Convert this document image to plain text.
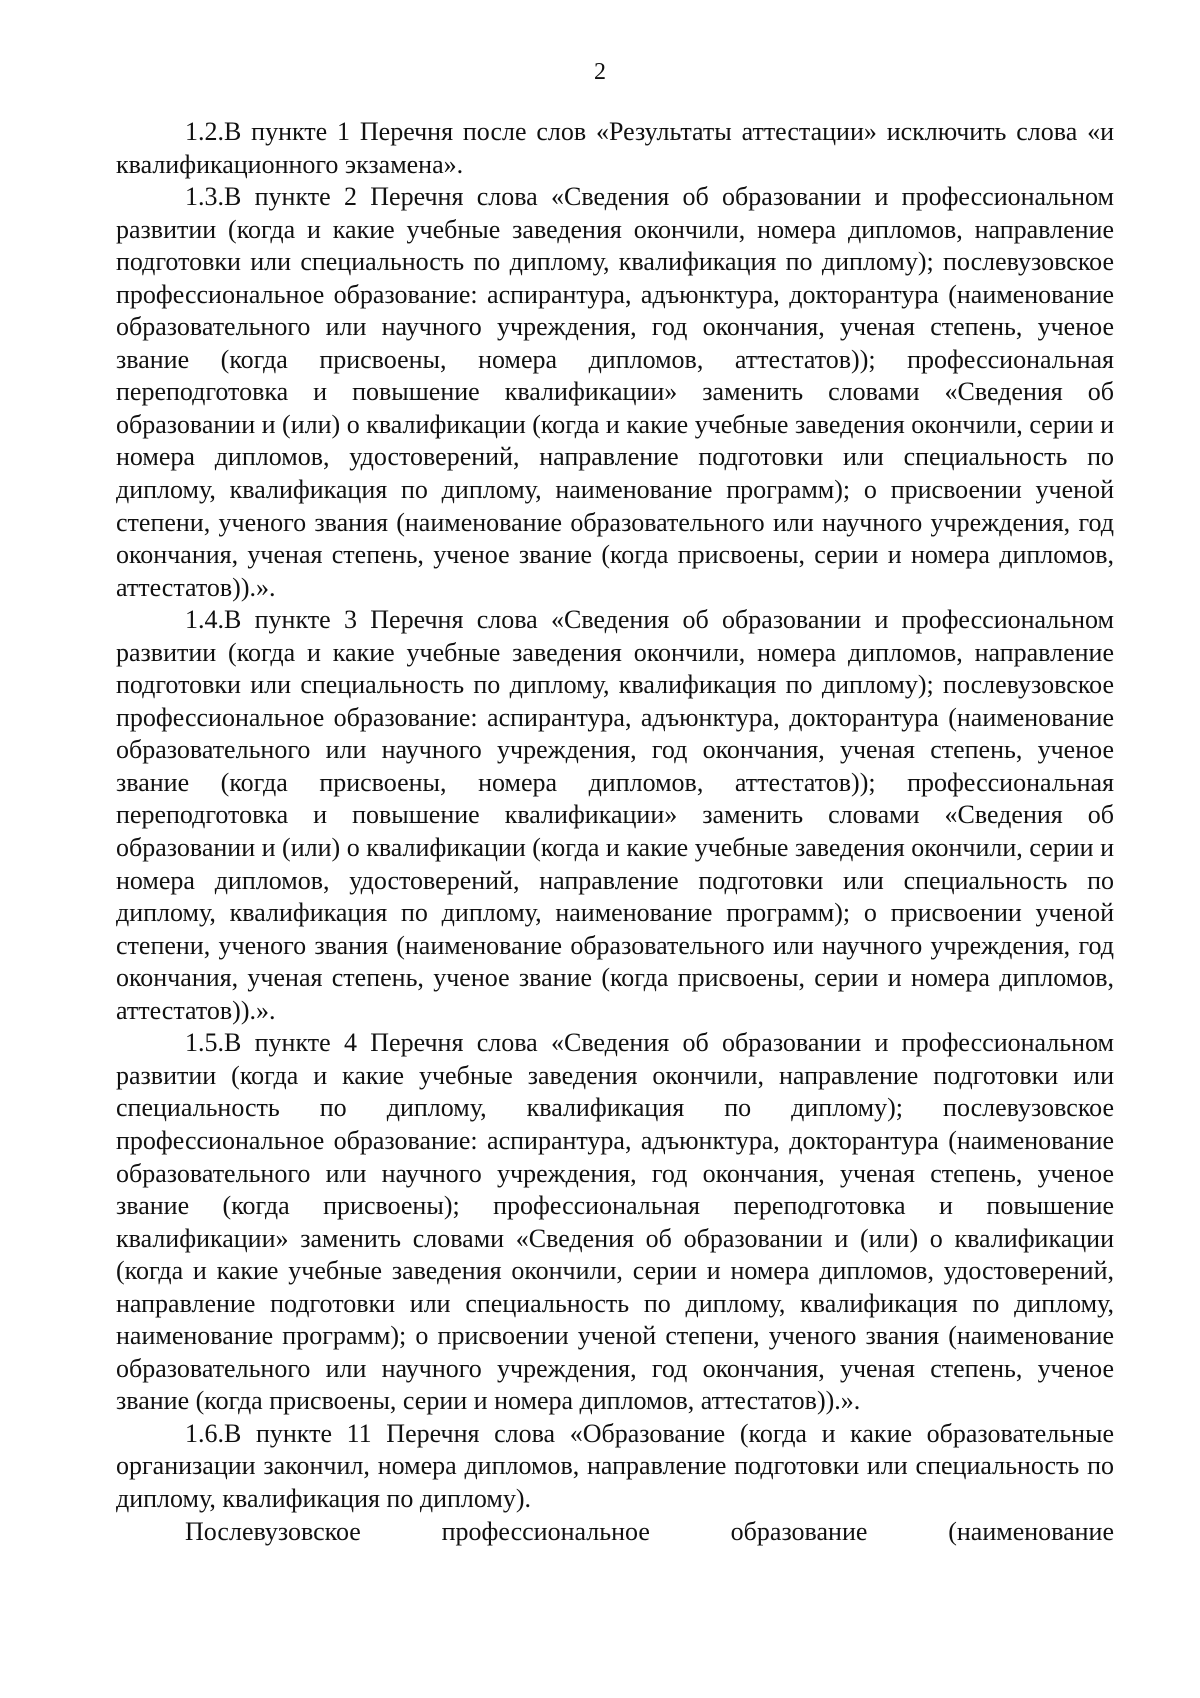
2

1.2.В пункте 1 Перечня после слов «Результаты аттестации» исключить слова «и квалификационного экзамена».

1.3.В пункте 2 Перечня слова «Сведения об образовании и профессиональном развитии (когда и какие учебные заведения окончили, номера дипломов, направление подготовки или специальность по диплому, квалификация по диплому); послевузовское профессиональное образование: аспирантура, адъюнктура, докторантура (наименование образовательного или научного учреждения, год окончания, ученая степень, ученое звание (когда присвоены, номера дипломов, аттестатов)); профессиональная переподготовка и повышение квалификации» заменить словами «Сведения об образовании и (или) о квалификации (когда и какие учебные заведения окончили, серии и номера дипломов, удостоверений, направление подготовки или специальность по диплому, квалификация по диплому, наименование программ); о присвоении ученой степени, ученого звания (наименование образовательного или научного учреждения, год окончания, ученая степень, ученое звание (когда присвоены, серии и номера дипломов, аттестатов)).».

1.4.В пункте 3 Перечня слова «Сведения об образовании и профессиональном развитии (когда и какие учебные заведения окончили, номера дипломов, направление подготовки или специальность по диплому, квалификация по диплому); послевузовское профессиональное образование: аспирантура, адъюнктура, докторантура (наименование образовательного или научного учреждения, год окончания, ученая степень, ученое звание (когда присвоены, номера дипломов, аттестатов)); профессиональная переподготовка и повышение квалификации» заменить словами «Сведения об образовании и (или) о квалификации (когда и какие учебные заведения окончили, серии и номера дипломов, удостоверений, направление подготовки или специальность по диплому, квалификация по диплому, наименование программ); о присвоении ученой степени, ученого звания (наименование образовательного или научного учреждения, год окончания, ученая степень, ученое звание (когда присвоены, серии и номера дипломов, аттестатов)).».

1.5.В пункте 4 Перечня слова «Сведения об образовании и профессиональном развитии (когда и какие учебные заведения окончили, направление подготовки или специальность по диплому, квалификация по диплому); послевузовское профессиональное образование: аспирантура, адъюнктура, докторантура (наименование образовательного или научного учреждения, год окончания, ученая степень, ученое звание (когда присвоены); профессиональная переподготовка и повышение квалификации» заменить словами «Сведения об образовании и (или) о квалификации (когда и какие учебные заведения окончили, серии и номера дипломов, удостоверений, направление подготовки или специальность по диплому, квалификация по диплому, наименование программ); о присвоении ученой степени, ученого звания (наименование образовательного или научного учреждения, год окончания, ученая степень, ученое звание (когда присвоены, серии и номера дипломов, аттестатов)).».

1.6.В пункте 11 Перечня слова «Образование (когда и какие образовательные организации закончил, номера дипломов, направление подготовки или специальность по диплому, квалификация по диплому).

Послевузовское профессиональное образование (наименование
